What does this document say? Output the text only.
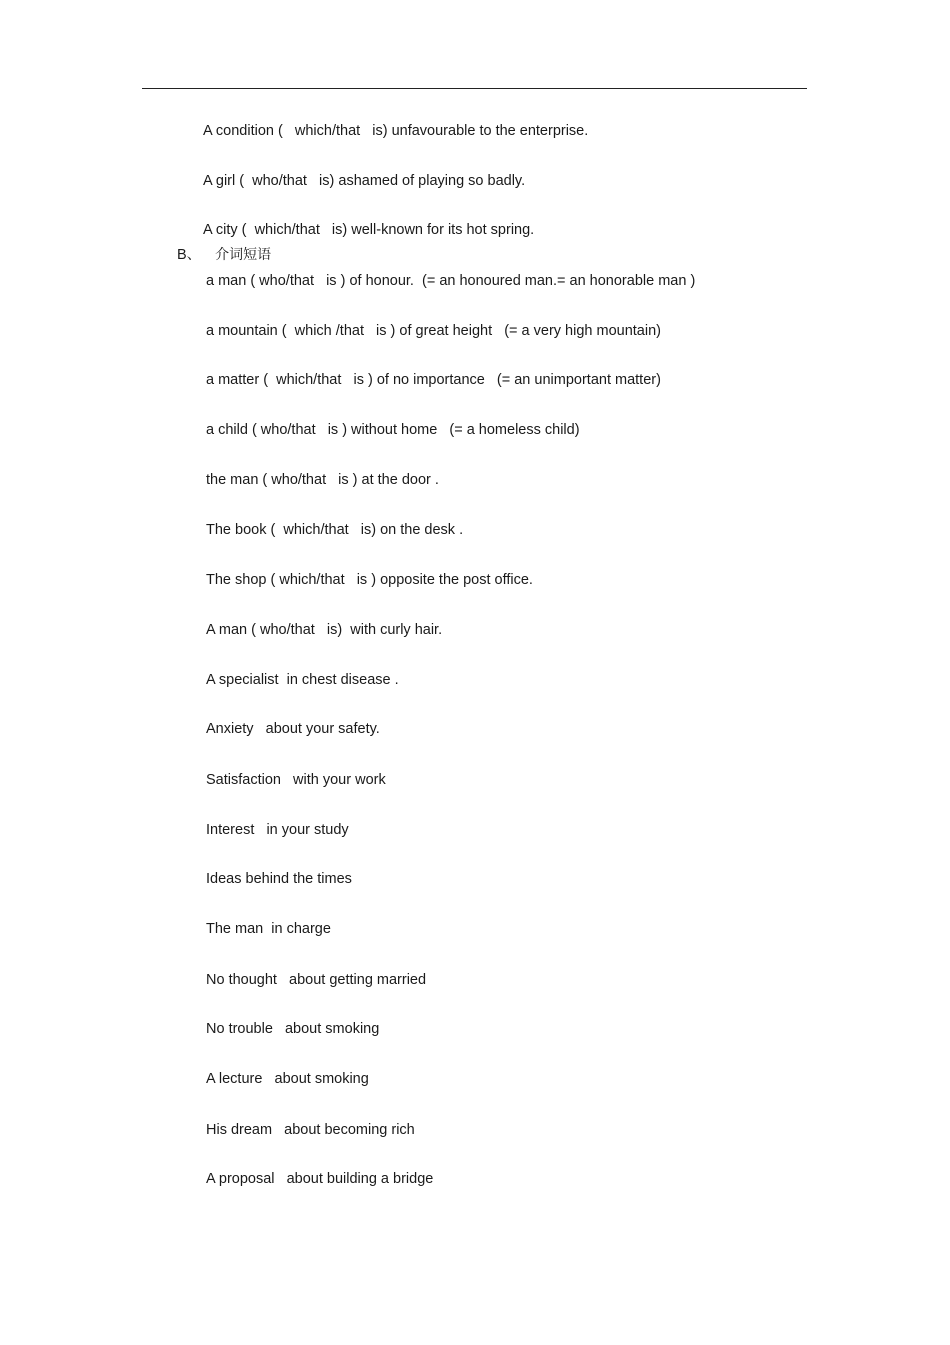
A condition (   which/that   is) unfavourable to the enterprise.
A girl (  who/that   is) ashamed of playing so badly.
A city (  which/that   is) well-known for its hot spring.
B、 介词短语
a man ( who/that   is ) of honour.  (= an honoured man.= an honorable man )
a mountain (  which /that   is ) of great height   (= a very high mountain)
a matter (  which/that   is ) of no importance   (= an unimportant matter)
a child ( who/that   is ) without home   (= a homeless child)
the man ( who/that   is ) at the door .
The book (  which/that   is) on the desk .
The shop ( which/that   is ) opposite the post office.
A man ( who/that   is)  with curly hair.
A specialist  in chest disease .
Anxiety   about your safety.
Satisfaction   with your work
Interest   in your study
Ideas behind the times
The man  in charge
No thought   about getting married
No trouble   about smoking
A lecture   about smoking
His dream   about becoming rich
A proposal   about building a bridge
